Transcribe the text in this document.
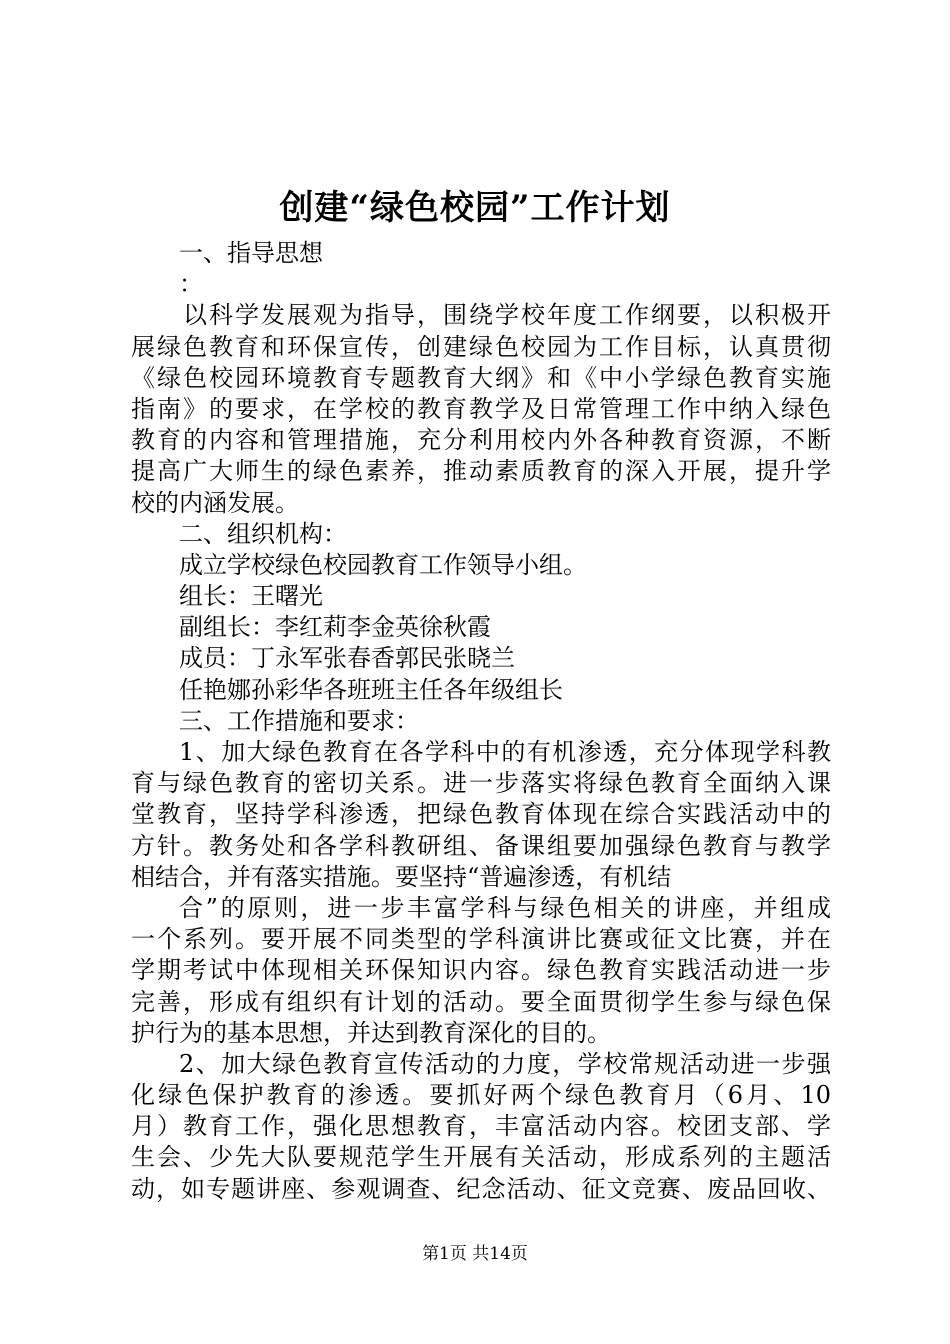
创建“绿色校园”工作计划
一、指导思想
：
以科学发展观为指导，围绕学校年度工作纲要，以积极开
展绿色教育和环保宣传，创建绿色校园为工作目标，认真贯彻
《绿色校园环境教育专题教育大纲》和《中小学绿色教育实施
指南》的要求，在学校的教育教学及日常管理工作中纳入绿色
教育的内容和管理措施，充分利用校内外各种教育资源，不断
提高广大师生的绿色素养，推动素质教育的深入开展，提升学
校的内涵发展。
二、组织机构：
成立学校绿色校园教育工作领导小组。
组长：王曙光
副组长：李红莉李金英徐秋霞
成员：丁永军张春香郭民张晓兰
任艳娜孙彩华各班班主任各年级组长
三、工作措施和要求：
1、加大绿色教育在各学科中的有机渗透，充分体现学科教
育与绿色教育的密切关系。进一步落实将绿色教育全面纳入课
堂教育，坚持学科渗透，把绿色教育体现在综合实践活动中的
方针。教务处和各学科教研组、备课组要加强绿色教育与教学
相结合，并有落实措施。要坚持“普遍渗透，有机结
合”的原则，进一步丰富学科与绿色相关的讲座，并组成
一个系列。要开展不同类型的学科演讲比赛或征文比赛，并在
学期考试中体现相关环保知识内容。绿色教育实践活动进一步
完善，形成有组织有计划的活动。要全面贯彻学生参与绿色保
护行为的基本思想，并达到教育深化的目的。
2、加大绿色教育宣传活动的力度，学校常规活动进一步强
化绿色保护教育的渗透。要抓好两个绿色教育月（6月、10
月）教育工作，强化思想教育，丰富活动内容。校团支部、学
生会、少先大队要规范学生开展有关活动，形成系列的主题活
动，如专题讲座、参观调查、纪念活动、征文竞赛、废品回收、
第1页 共14页
